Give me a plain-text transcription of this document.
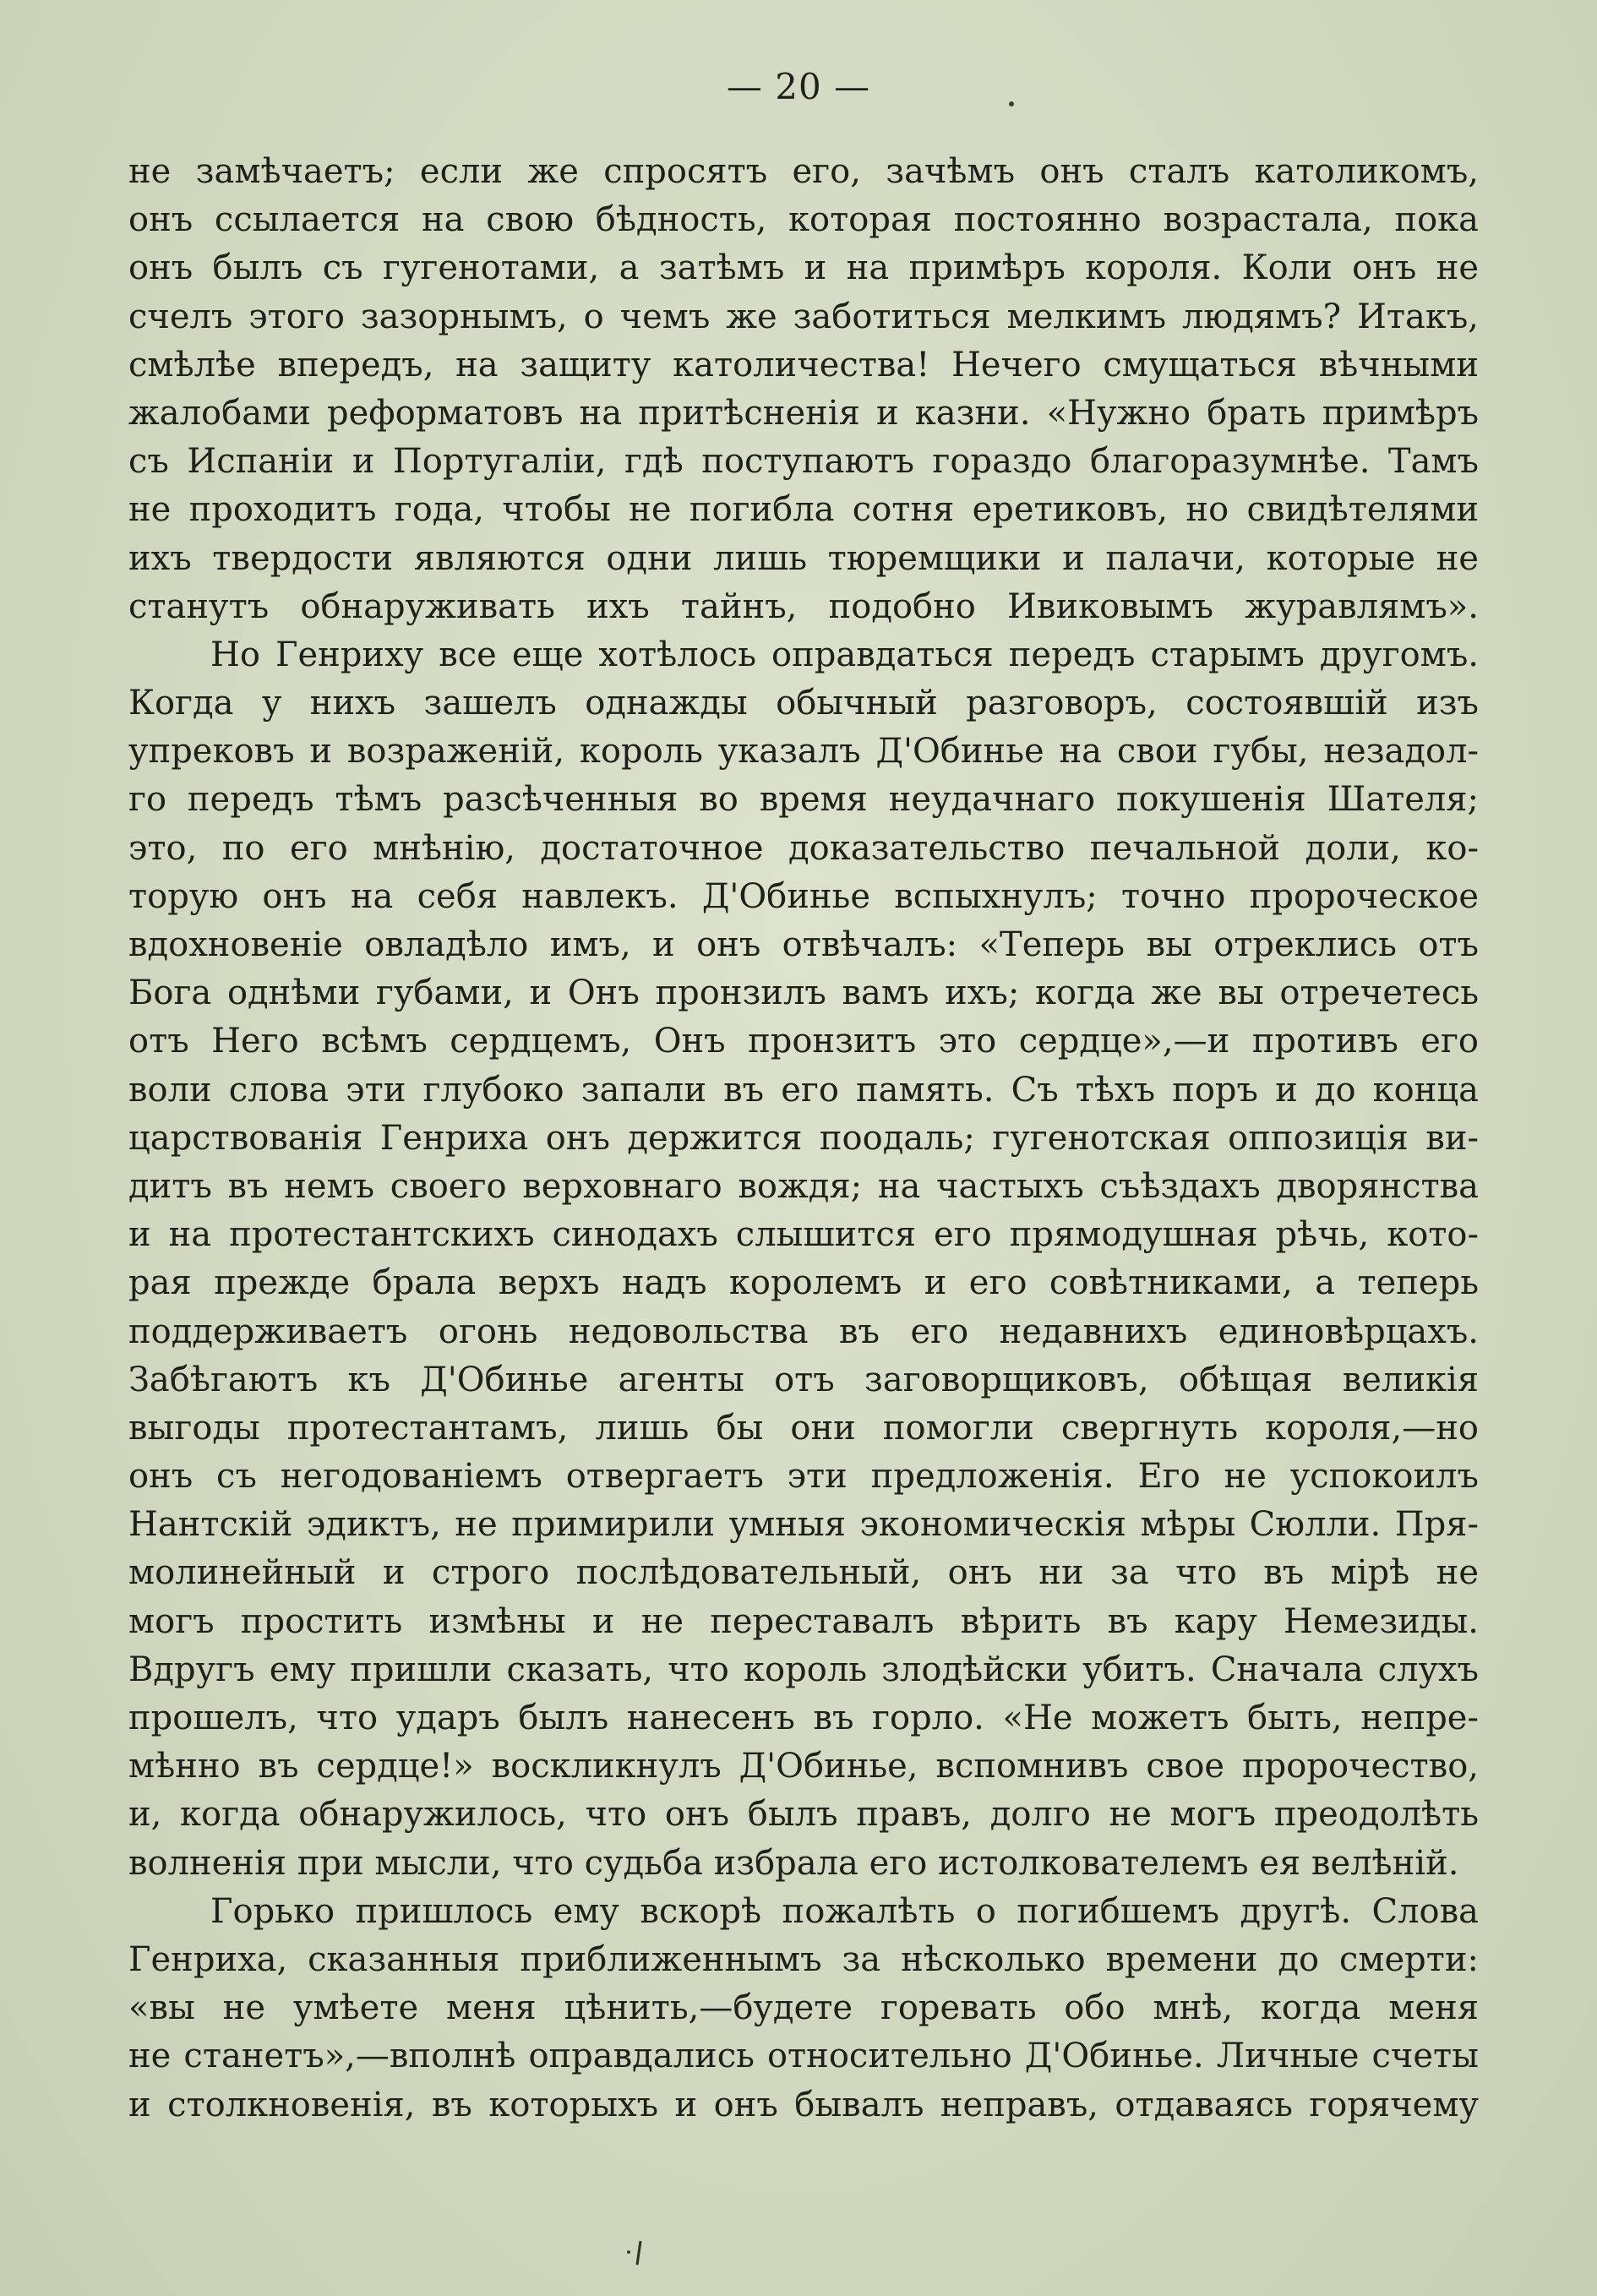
— 20 —
не замѣчаетъ; если же спросятъ его, зачѣмъ онъ сталъ католикомъ,
онъ ссылается на свою бѣдность, которая постоянно возрастала, пока
онъ былъ съ гугенотами, а затѣмъ и на примѣръ короля. Коли онъ не
счелъ этого зазорнымъ, о чемъ же заботиться мелкимъ людямъ? Итакъ,
смѣлѣе впередъ, на защиту католичества! Нечего смущаться вѣчными
жалобами реформатовъ на притѣсненія и казни. «Нужно брать примѣръ
съ Испаніи и Португаліи, гдѣ поступаютъ гораздо благоразумнѣе. Тамъ
не проходитъ года, чтобы не погибла сотня еретиковъ, но свидѣтелями
ихъ твердости являются одни лишь тюремщики и палачи, которые не
станутъ обнаруживать ихъ тайнъ, подобно Ивиковымъ журавлямъ».
Но Генриху все еще хотѣлось оправдаться передъ старымъ другомъ.
Когда у нихъ зашелъ однажды обычный разговоръ, состоявшій изъ
упрековъ и возраженій, король указалъ Д'Обинье на свои губы, незадол-
го передъ тѣмъ разсѣченныя во время неудачнаго покушенія Шателя;
это, по его мнѣнію, достаточное доказательство печальной доли, ко-
торую онъ на себя навлекъ. Д'Обинье вспыхнулъ; точно пророческое
вдохновеніе овладѣло имъ, и онъ отвѣчалъ: «Теперь вы отреклись отъ
Бога однѣми губами, и Онъ пронзилъ вамъ ихъ; когда же вы отречетесь
отъ Него всѣмъ сердцемъ, Онъ пронзитъ это сердце»,—и противъ его
воли слова эти глубоко запали въ его память. Съ тѣхъ поръ и до конца
царствованія Генриха онъ держится поодаль; гугенотская оппозиція ви-
дитъ въ немъ своего верховнаго вождя; на частыхъ съѣздахъ дворянства
и на протестантскихъ синодахъ слышится его прямодушная рѣчь, кото-
рая прежде брала верхъ надъ королемъ и его совѣтниками, а теперь
поддерживаетъ огонь недовольства въ его недавнихъ единовѣрцахъ.
Забѣгаютъ къ Д'Обинье агенты отъ заговорщиковъ, обѣщая великія
выгоды протестантамъ, лишь бы они помогли свергнуть короля,—но
онъ съ негодованіемъ отвергаетъ эти предложенія. Его не успокоилъ
Нантскій эдиктъ, не примирили умныя экономическія мѣры Сюлли. Пря-
молинейный и строго послѣдовательный, онъ ни за что въ мірѣ не
могъ простить измѣны и не переставалъ вѣрить въ кару Немезиды.
Вдругъ ему пришли сказать, что король злодѣйски убитъ. Сначала слухъ
прошелъ, что ударъ былъ нанесенъ въ горло. «Не можетъ быть, непре-
мѣнно въ сердце!» воскликнулъ Д'Обинье, вспомнивъ свое пророчество,
и, когда обнаружилось, что онъ былъ правъ, долго не могъ преодолѣть
волненія при мысли, что судьба избрала его истолкователемъ ея велѣній.
Горько пришлось ему вскорѣ пожалѣть о погибшемъ другѣ. Слова
Генриха, сказанныя приближеннымъ за нѣсколько времени до смерти:
«вы не умѣете меня цѣнить,—будете горевать обо мнѣ, когда меня
не станетъ»,—вполнѣ оправдались относительно Д'Обинье. Личные счеты
и столкновенія, въ которыхъ и онъ бывалъ неправъ, отдаваясь горячему
